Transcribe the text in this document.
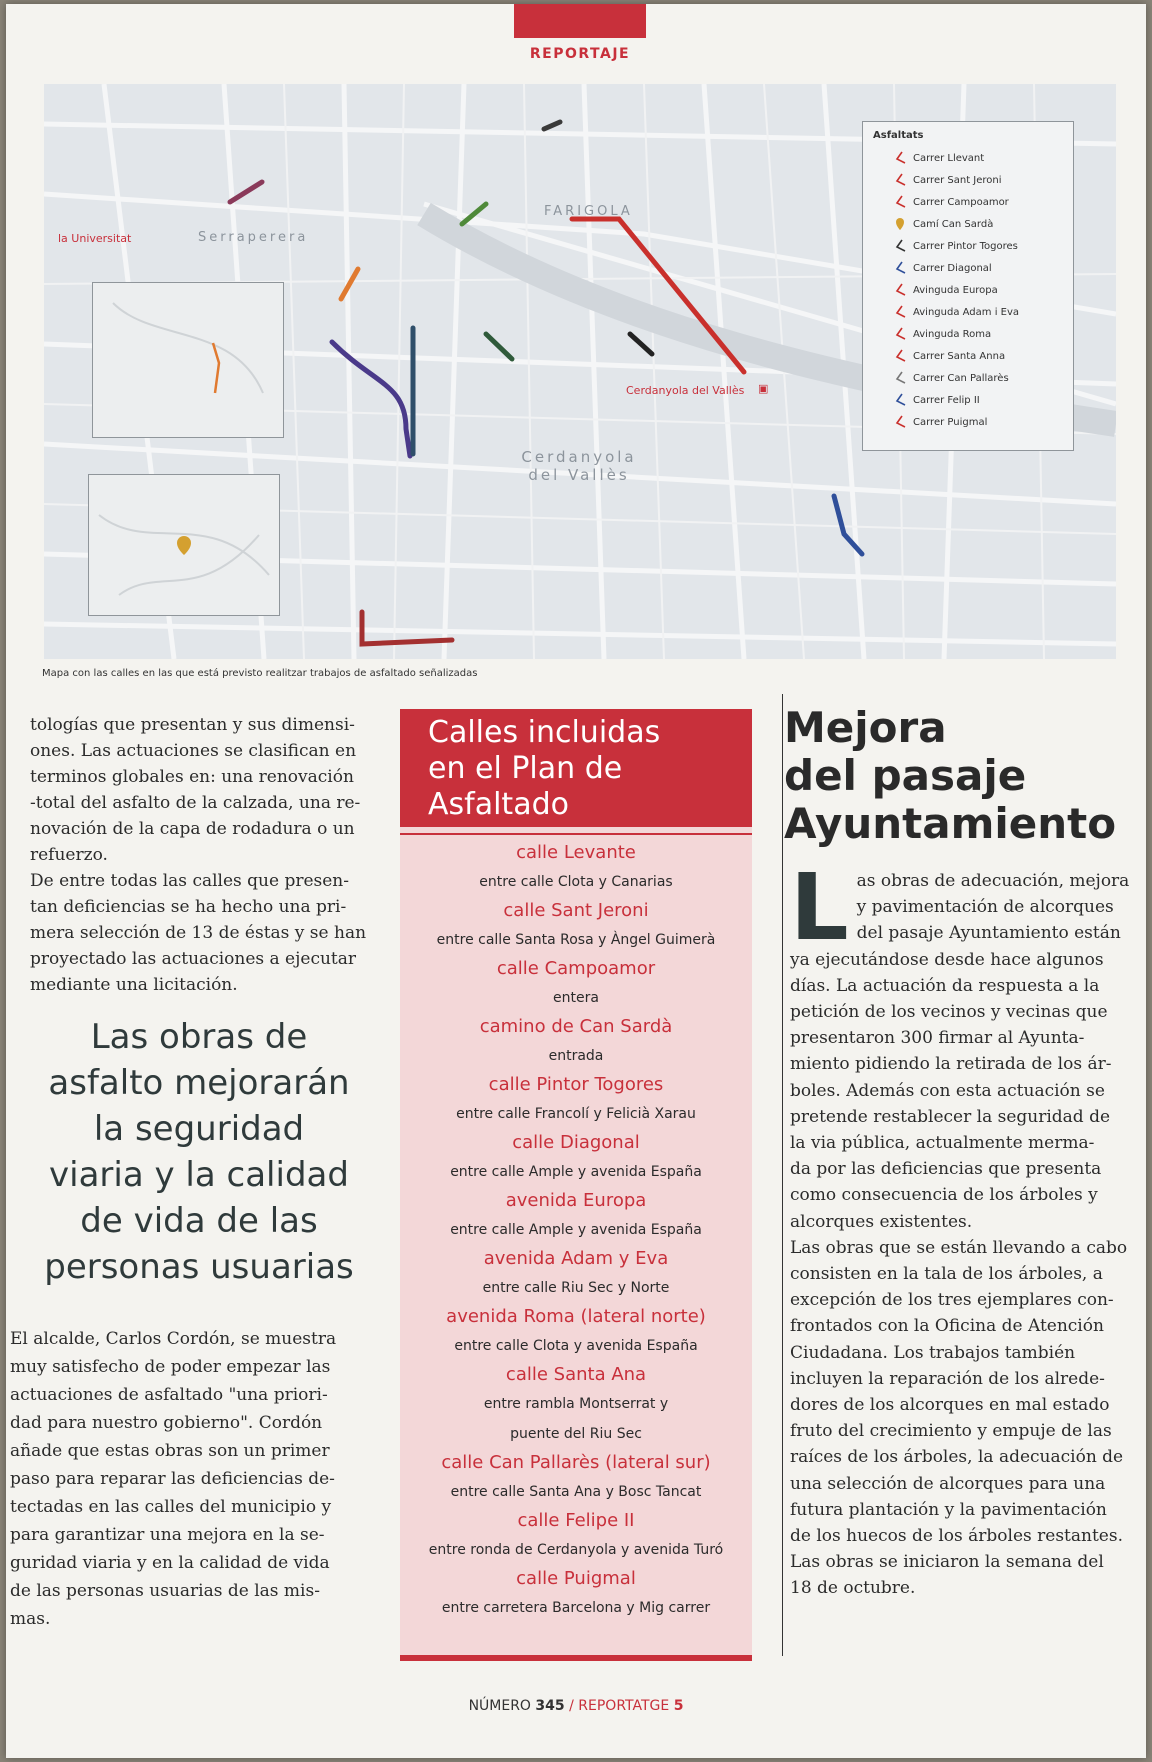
REPORTAJE
la Universitat	Serraperera
FARIGOLA
Cerdanyola del Vallès ▣
Cerdanyola del Vallès
Asfaltats
Carrer Llevant
Carrer Sant Jeroni
Carrer Campoamor
Camí Can Sardà
Carrer Pintor Togores
Carrer Diagonal
Avinguda Europa
Avinguda Adam i Eva
Avinguda Roma
Carrer Santa Anna
Carrer Can Pallarès
Carrer Felip II
Carrer Puigmal
Mapa con las calles en las que está previsto realitzar trabajos de asfaltado señalizadas

tologías que presentan y sus dimensi-

ones. Las actuaciones se clasifican en

terminos globales en: una renovación

-total del asfalto de la calzada, una re-

novación de la capa de rodadura o un

refuerzo.

De entre todas las calles que presen-

tan deficiencias se ha hecho una pri-

mera selección de 13 de éstas y se han

proyectado las actuaciones a ejecutar

mediante una licitación.

Las obras de
asfalto mejorarán
la seguridad
viaria y la calidad
de vida de las
personas usuarias

El alcalde, Carlos Cordón, se muestra

muy satisfecho de poder empezar las

actuaciones de asfaltado "una priori-

dad para nuestro gobierno". Cordón

añade que estas obras son un primer

paso para reparar las deficiencias de-

tectadas en las calles del municipio y

para garantizar una mejora en la se-

guridad viaria y en la calidad de vida

de las personas usuarias de las mis-

mas.

Calles incluidas
en el Plan de
Asfaltado
calle Levante
entre calle Clota y Canarias
calle Sant Jeroni
entre calle Santa Rosa y Àngel Guimerà
calle Campoamor
entera
camino de Can Sardà
entrada
calle Pintor Togores
entre calle Francolí y Felicià Xarau
calle Diagonal
entre calle Ample y avenida España
avenida Europa
entre calle Ample y avenida España
avenida Adam y Eva
entre calle Riu Sec y Norte
avenida Roma (lateral norte)
entre calle Clota y avenida España
calle Santa Ana
entre rambla Montserrat y
puente del Riu Sec
calle Can Pallarès (lateral sur)
entre calle Santa Ana y Bosc Tancat
calle Felipe II
entre ronda de Cerdanyola y avenida Turó
calle Puigmal
entre carretera Barcelona y Mig carrer
Mejora
del pasaje
Ayuntamiento
L as obras de adecuación, mejora

y pavimentación de alcorques

del pasaje Ayuntamiento están

ya ejecutándose desde hace algunos

días. La actuación da respuesta a la

petición de los vecinos y vecinas que

presentaron 300 firmar al Ayunta-

miento pidiendo la retirada de los ár-

boles. Además con esta actuación se

pretende restablecer la seguridad de

la via pública, actualmente merma-

da por las deficiencias que presenta

como consecuencia de los árboles y

alcorques existentes.

Las obras que se están llevando a cabo

consisten en la tala de los árboles, a

excepción de los tres ejemplares con-

frontados con la Oficina de Atención

Ciudadana. Los trabajos también

incluyen la reparación de los alrede-

dores de los alcorques en mal estado

fruto del crecimiento y empuje de las

raíces de los árboles, la adecuación de

una selección de alcorques para una

futura plantación y la pavimentación

de los huecos de los árboles restantes.

Las obras se iniciaron la semana del

18 de octubre.

NÚMERO 345 / REPORTATGE 5
